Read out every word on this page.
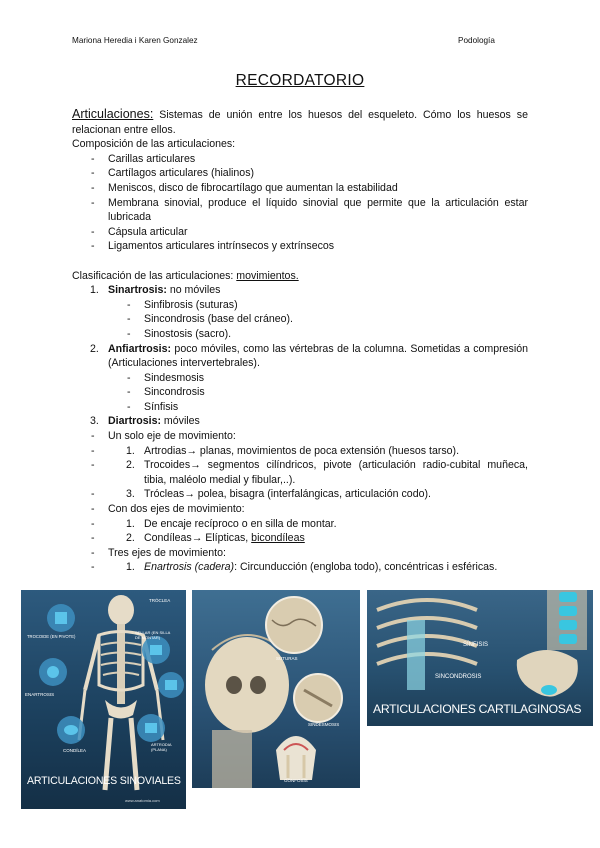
Mariona Heredia i Karen Gonzalez	Podología
RECORDATORIO

Articulaciones: Sistemas de unión entre los huesos del esqueleto. Cómo los huesos se relacionan entre ellos.

Composición de las articulaciones:

- Carillas articulares
- Cartílagos articulares (hialinos)
- Meniscos, disco de fibrocartílago que aumentan la estabilidad
- Membrana sinovial, produce el líquido sinovial que permite que la articulación estar lubricada
- Cápsula articular
- Ligamentos articulares intrínsecos y extrínsecos

Clasificación de las articulaciones: movimientos.

1. Sinartrosis: no móviles
- Sinfibrosis (suturas)
- Sincondrosis (base del cráneo).
- Sinostosis (sacro).
2. Anfiartrosis: poco móviles, como las vértebras de la columna. Sometidas a compresión (Articulaciones intervertebrales).
- Sindesmosis
- Sincondrosis
- Sínfisis
3. Diartrosis: móviles
- Un solo eje de movimiento:
- 1. Artrodias→ planas, movimientos de poca extensión (huesos tarso).
- 2. Trocoides→ segmentos cilíndricos, pivote (articulación radio-cubital muñeca, tibia, maléolo medial y fibular,..).
- 3. Trócleas→ polea, bisagra (interfalángicas, articulación codo).
- Con dos ejes de movimiento:
- 1. De encaje recíproco o en silla de montar.
- 2. Condíleas→ Elípticas, bicondíleas
- Tres ejes de movimiento:
- 1. Enartrosis (cadera): Circunducción (engloba todo), concéntricas i esféricas.
TRÓCLEA
TROCOIDE (EN PIVOTE)
SELLAR (EN SILLA DE MONTAR)
ENARTROSIS
CONDÍLEA
ARTRODIA (PLANA)
ARTICULACIONES SINOVIALES
www.anatomia.com
SUTURAS
SINDESMOSIS
GONFOSIS
SÍNFISIS
SINCONDROSIS
ARTICULACIONES CARTILAGINOSAS
